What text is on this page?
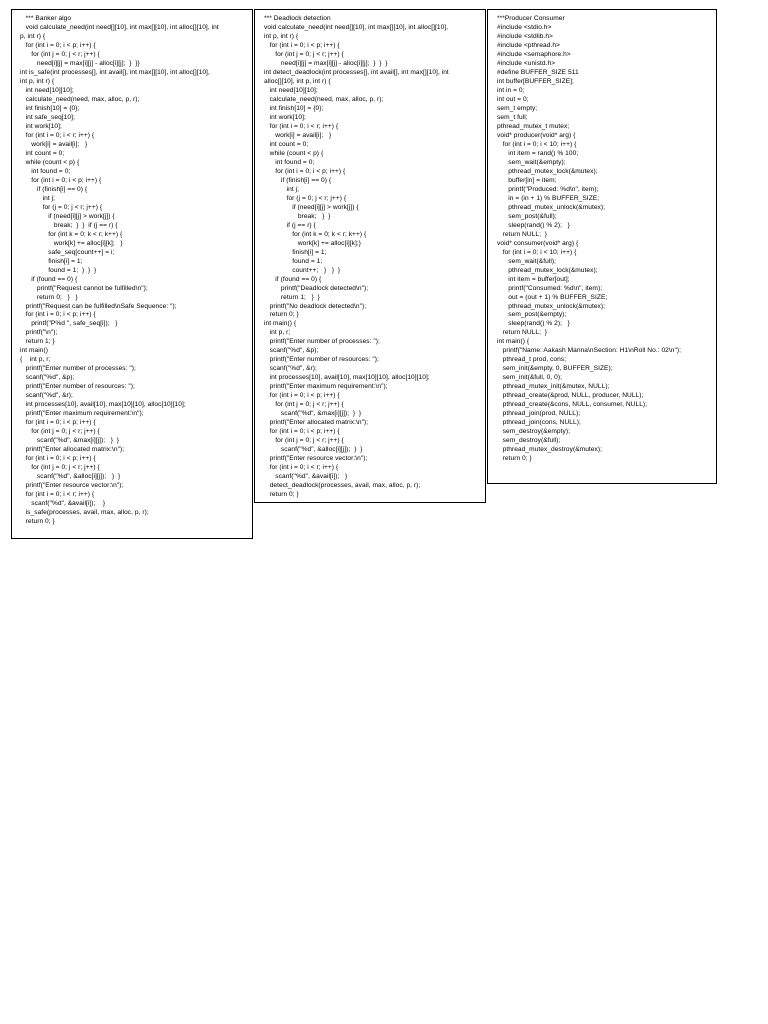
*** Banker algo
void calculate_need(int need[][10], int max[][10], int alloc[][10], int
p, int r) {
for (int i = 0; i < p; i++) {
for (int j = 0; j < r; j++) {
need[i][j] = max[i][j] - alloc[i][j];  }  }}
int is_safe(int processes[], int avail[], int max[][10], int alloc[][10],
int p, int r) {
int need[10][10];
calculate_need(need, max, alloc, p, r);
int finish[10] = {0};
int safe_seq[10];
int work[10];
for (int i = 0; i < r; i++) {
work[i] = avail[i];   }
int count = 0;
while (count < p) {
int found = 0;
for (int i = 0; i < p; i++) {
if (finish[i] == 0) {
int j;
for (j = 0; j < r; j++) {
if (need[i][j] > work[j]) {
break;  }  }  if (j == r) {
for (int k = 0; k < r; k++) {
work[k] += alloc[i][k];   }
safe_seq[count++] = i;
finish[i] = 1;
found = 1;  }  }  }
if (found == 0) {
printf("Request cannot be fulfilled\n");
return 0;   }   }
printf("Request can be fulfilled\nSafe Sequence: ");
for (int i = 0; i < p; i++) {
printf("P%d ", safe_seq[i]);   }
printf("\n");
return 1; }
int main()
{    int p, r;
printf("Enter number of processes: ");
scanf("%d", &p);
printf("Enter number of resources: ");
scanf("%d", &r);
int processes[10], avail[10], max[10][10], alloc[10][10];
printf("Enter maximum requirement:\n");
for (int i = 0; i < p; i++) {
for (int j = 0; j < r; j++) {
scanf("%d", &max[i][j]);   }  }
printf("Enter allocated matrix:\n");
for (int i = 0; i < p; i++) {
for (int j = 0; j < r; j++) {
scanf("%d", &alloc[i][j]);   }  }
printf("Enter resource vector:\n");
for (int i = 0; i < r; i++) {
scanf("%d", &avail[i]);    }
is_safe(processes, avail, max, alloc, p, r);
return 0; }
*** Deadlock detection
void calculate_need(int need[][10], int max[][10], int alloc[][10],
int p, int r) {
for (int i = 0; i < p; i++) {
for (int j = 0; j < r; j++) {
need[i][j] = max[i][j] - alloc[i][j];  }  }  }
int detect_deadlock(int processes[], int avail[], int max[][10], int
alloc[][10], int p, int r) {
int need[10][10];
calculate_need(need, max, alloc, p, r);
int finish[10] = {0};
int work[10];
for (int i = 0; i < r; i++) {
work[i] = avail[i];   }
int count = 0;
while (count < p) {
int found = 0;
for (int i = 0; i < p; i++) {
if (finish[i] == 0) {
int j;
for (j = 0; j < r; j++) {
if (need[i][j] > work[j]) {
break;   }  }
if (j == r) {
for (int k = 0; k < r; k++) {
work[k] += alloc[i][k];}
finish[i] = 1;
found = 1;
count++;   }   }  }
if (found == 0) {
printf("Deadlock detected\n");
return 1;   }  }
printf("No deadlock detected\n");
return 0; }
int main() {
int p, r;
printf("Enter number of processes: ");
scanf("%d", &p);
printf("Enter number of resources: ");
scanf("%d", &r);
int processes[10], avail[10], max[10][10], alloc[10][10];
printf("Enter maximum requirement:\n");
for (int i = 0; i < p; i++) {
for (int j = 0; j < r; j++) {
scanf("%d", &max[i][j]);  }  }
printf("Enter allocated matrix:\n");
for (int i = 0; i < p; i++) {
for (int j = 0; j < r; j++) {
scanf("%d", &alloc[i][j]);  }  }
printf("Enter resource vector:\n");
for (int i = 0; i < r; i++) {
scanf("%d", &avail[i]);   }
detect_deadlock(processes, avail, max, alloc, p, r);
return 0; }
***Producer Consumer
#include <stdio.h>
#include <stdlib.h>
#include <pthread.h>
#include <semaphore.h>
#include <unistd.h>
#define BUFFER_SIZE 511
int buffer[BUFFER_SIZE];
int in = 0;
int out = 0;
sem_t empty;
sem_t full;
pthread_mutex_t mutex;
void* producer(void* arg) {
for (int i = 0; i < 10; i++) {
int item = rand() % 100;
sem_wait(&empty);
pthread_mutex_lock(&mutex);
buffer[in] = item;
printf("Produced: %d\n", item);
in = (in + 1) % BUFFER_SIZE;
pthread_mutex_unlock(&mutex);
sem_post(&full);
sleep(rand() % 2);   }
return NULL;  }
void* consumer(void* arg) {
for (int i = 0; i < 10; i++) {
sem_wait(&full);
pthread_mutex_lock(&mutex);
int item = buffer[out];
printf("Consumed: %d\n", item);
out = (out + 1) % BUFFER_SIZE;
pthread_mutex_unlock(&mutex);
sem_post(&empty);
sleep(rand() % 2);   }
return NULL;  }
int main() {
printf("Name: Aakash Manna\nSection: H1\nRoll No.: 02\n");
pthread_t prod, cons;
sem_init(&empty, 0, BUFFER_SIZE);
sem_init(&full, 0, 0);
pthread_mutex_init(&mutex, NULL);
pthread_create(&prod, NULL, producer, NULL);
pthread_create(&cons, NULL, consumer, NULL);
pthread_join(prod, NULL);
pthread_join(cons, NULL);
sem_destroy(&empty);
sem_destroy(&full);
pthread_mutex_destroy(&mutex);
return 0; }
